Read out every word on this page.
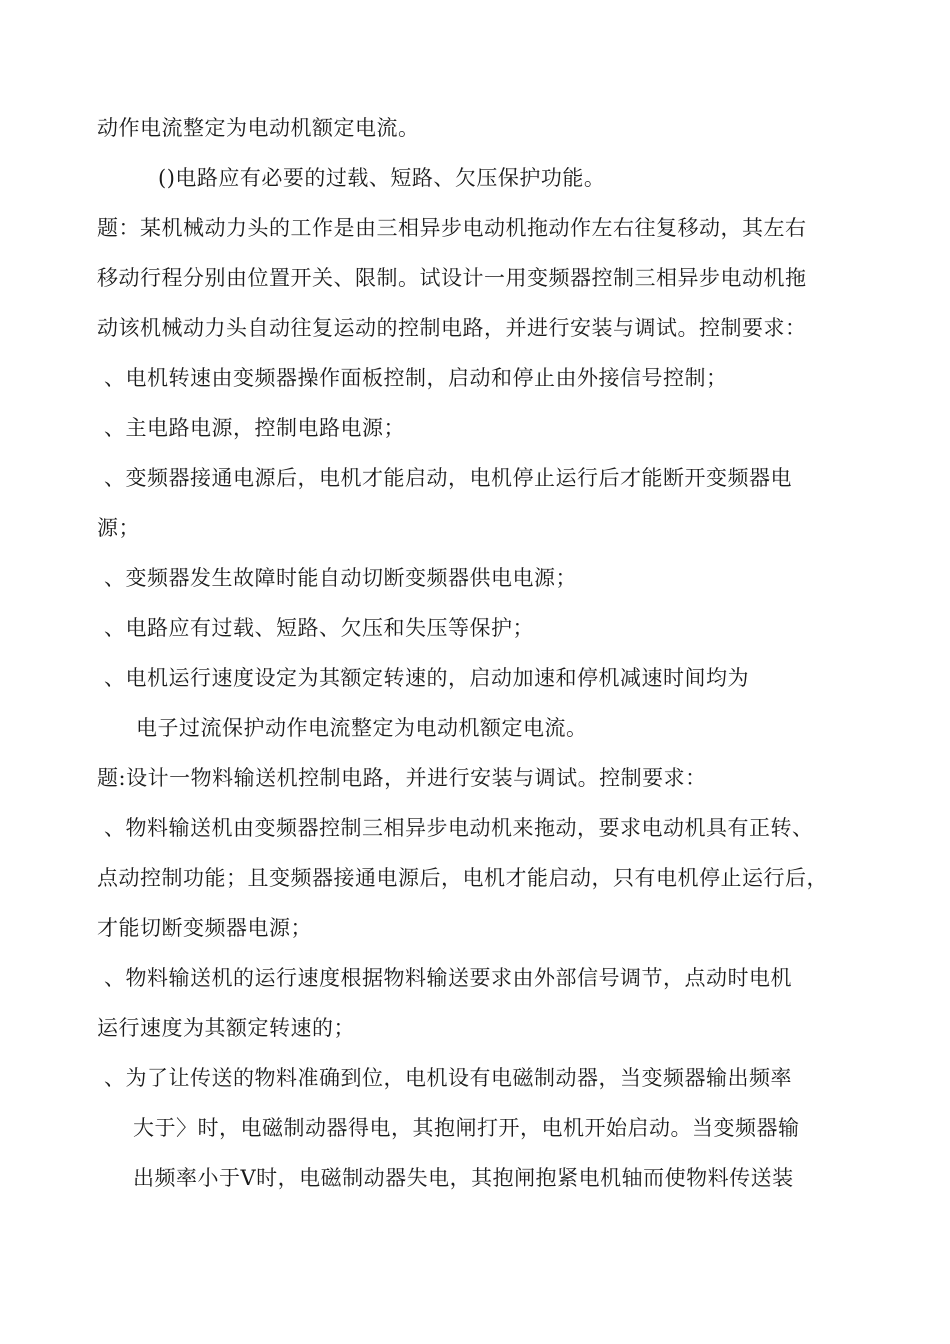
动作电流整定为电动机额定电流。
()电路应有必要的过载、短路、欠压保护功能。
题：某机械动力头的工作是由三相异步电动机拖动作左右往复移动，其左右
移动行程分别由位置开关、限制。试设计一用变频器控制三相异步电动机拖
动该机械动力头自动往复运动的控制电路，并进行安装与调试。控制要求：
、电机转速由变频器操作面板控制，启动和停止由外接信号控制；
、主电路电源，控制电路电源；
、变频器接通电源后，电机才能启动，电机停止运行后才能断开变频器电
源；
、变频器发生故障时能自动切断变频器供电电源；
、电路应有过载、短路、欠压和失压等保护；
、电机运行速度设定为其额定转速的，启动加速和停机减速时间均为
电子过流保护动作电流整定为电动机额定电流。
题:设计一物料输送机控制电路，并进行安装与调试。控制要求：
、物料输送机由变频器控制三相异步电动机来拖动，要求电动机具有正转、
点动控制功能；且变频器接通电源后，电机才能启动，只有电机停止运行后，
才能切断变频器电源；
、物料输送机的运行速度根据物料输送要求由外部信号调节，点动时电机
运行速度为其额定转速的；
、为了让传送的物料准确到位，电机设有电磁制动器，当变频器输出频率
大于〉时，电磁制动器得电，其抱闸打开，电机开始启动。当变频器输
出频率小于V时，电磁制动器失电，其抱闸抱紧电机轴而使物料传送装
